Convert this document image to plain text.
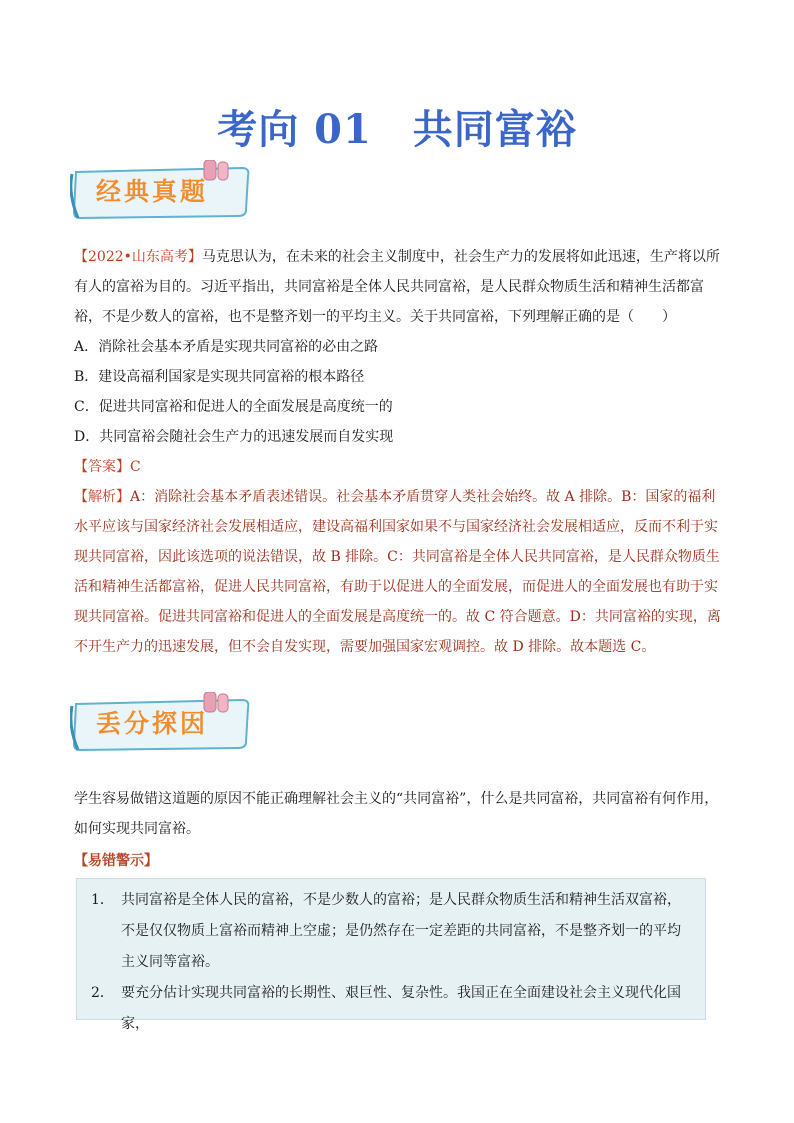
考向 01　共同富裕
经典真题

【2022•山东高考】马克思认为，在未来的社会主义制度中，社会生产力的发展将如此迅速，生产将以所有人的富裕为目的。习近平指出，共同富裕是全体人民共同富裕，是人民群众物质生活和精神生活都富裕，不是少数人的富裕，也不是整齐划一的平均主义。关于共同富裕，下列理解正确的是（　　）

A．消除社会基本矛盾是实现共同富裕的必由之路

B．建设高福利国家是实现共同富裕的根本路径

C．促进共同富裕和促进人的全面发展是高度统一的

D．共同富裕会随社会生产力的迅速发展而自发实现

【答案】C

【解析】A：消除社会基本矛盾表述错误。社会基本矛盾贯穿人类社会始终。故 A 排除。B：国家的福利水平应该与国家经济社会发展相适应，建设高福利国家如果不与国家经济社会发展相适应，反而不利于实现共同富裕，因此该选项的说法错误，故 B 排除。C：共同富裕是全体人民共同富裕，是人民群众物质生活和精神生活都富裕，促进人民共同富裕，有助于以促进人的全面发展，而促进人的全面发展也有助于实现共同富裕。促进共同富裕和促进人的全面发展是高度统一的。故 C 符合题意。D：共同富裕的实现，离不开生产力的迅速发展，但不会自发实现，需要加强国家宏观调控。故 D 排除。故本题选 C。

丢分探因

学生容易做错这道题的原因不能正确理解社会主义的“共同富裕”，什么是共同富裕，共同富裕有何作用，如何实现共同富裕。

【易错警示】

1． 共同富裕是全体人民的富裕，不是少数人的富裕；是人民群众物质生活和精神生活双富裕，不是仅仅物质上富裕而精神上空虚；是仍然存在一定差距的共同富裕，不是整齐划一的平均主义同等富裕。
2． 要充分估计实现共同富裕的长期性、艰巨性、复杂性。我国正在全面建设社会主义现代化国家，
